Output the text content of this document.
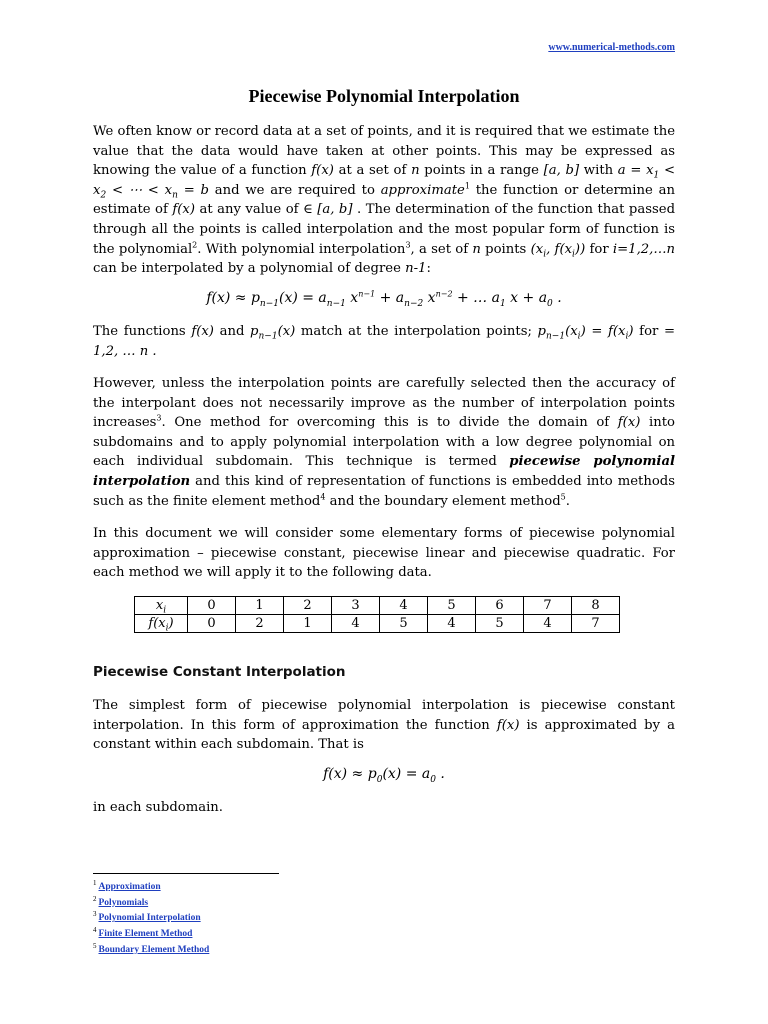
www.numerical-methods.com
Piecewise Polynomial Interpolation
We often know or record data at a set of points, and it is required that we estimate the value that the data would have taken at other points. This may be expressed as knowing the value of a function f(x) at a set of n points in a range [a, b] with $a = x_1 < x_2$ < ⋯ < $x_n = b$ and we are required to approximate$^1$ the function or determine an estimate of f(x) at any value of ∈ [a, b] . The determination of the function that passed through all the points is called interpolation and the most popular form of function is the polynomial$^2$. With polynomial interpolation$^3$, a set of n points ($x_i$, $f(x_i)$) for i=1,2,…n can be interpolated by a polynomial of degree n-1:
$f(x) \approx p_{n-1}(x) = a_{n-1}$ $x^{n-1} + a_{n-2}$ $x^{n-2}$ + … $a_1$ $x + a_0$ .
The functions f(x) and $p_{n-1}(x)$ match at the interpolation points; $p_{n-1}(x_i) = f(x_i)$ for = 1,2, … n .
However, unless the interpolation points are carefully selected then the accuracy of the interpolant does not necessarily improve as the number of interpolation points increases$^3$. One method for overcoming this is to divide the domain of f(x) into subdomains and to apply polynomial interpolation with a low degree polynomial on each individual subdomain. This technique is termed piecewise polynomial interpolation and this kind of representation of functions is embedded into methods such as the finite element method$^4$ and the boundary element method$^5$.
In this document we will consider some elementary forms of piecewise polynomial approximation – piecewise constant, piecewise linear and piecewise quadratic. For each method we will apply it to the following data.
$x_i$	0	1	2	3	4	5	6	7	8
$f(x_i)$	0	2	1	4	5	4	5	4	7
Piecewise Constant Interpolation
The simplest form of piecewise polynomial interpolation is piecewise constant interpolation. In this form of approximation the function f(x) is approximated by a constant within each subdomain. That is
$f(x) \approx p_0(x) = a_0$ .
in each subdomain.
$^1$ Approximation
$^2$ Polynomials
$^3$ Polynomial Interpolation
$^4$ Finite Element Method
$^5$ Boundary Element Method
